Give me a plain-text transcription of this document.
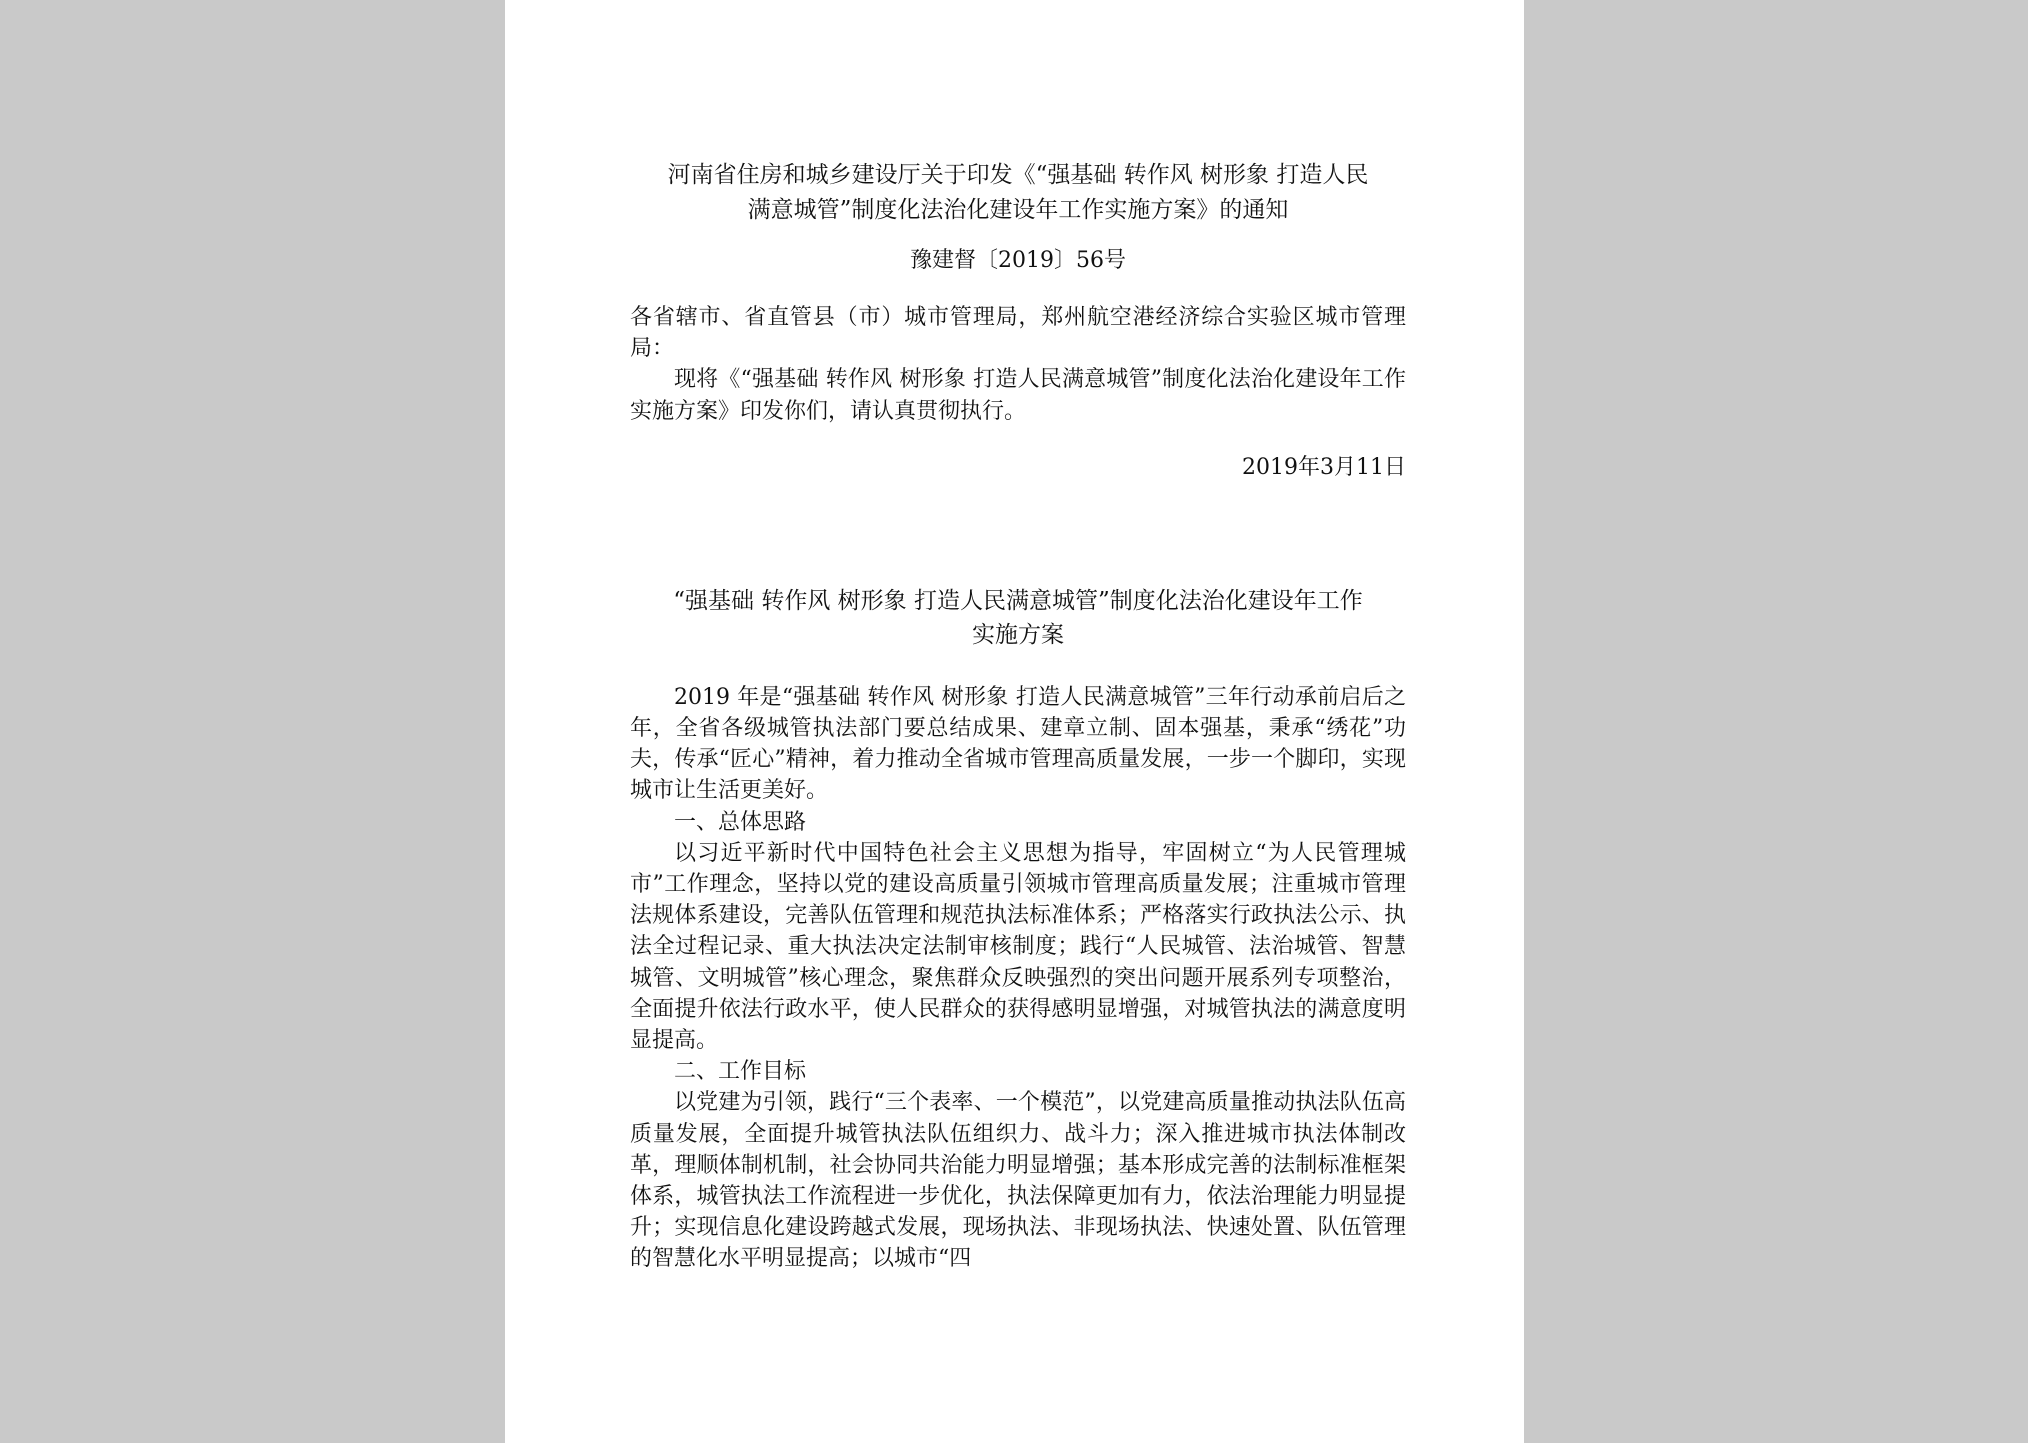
河南省住房和城乡建设厅关于印发《“强基础 转作风 树形象 打造人民
满意城管”制度化法治化建设年工作实施方案》的通知
豫建督〔2019〕56号

各省辖市、省直管县（市）城市管理局，郑州航空港经济综合实验区城市管理局：

现将《“强基础 转作风 树形象 打造人民满意城管”制度化法治化建设年工作实施方案》印发你们，请认真贯彻执行。

2019年3月11日
“强基础 转作风 树形象 打造人民满意城管”制度化法治化建设年工作
实施方案

2019 年是“强基础 转作风 树形象 打造人民满意城管”三年行动承前启后之年，全省各级城管执法部门要总结成果、建章立制、固本强基，秉承“绣花”功夫，传承“匠心”精神，着力推动全省城市管理高质量发展，一步一个脚印，实现城市让生活更美好。

一、总体思路

以习近平新时代中国特色社会主义思想为指导，牢固树立“为人民管理城市”工作理念，坚持以党的建设高质量引领城市管理高质量发展；注重城市管理法规体系建设，完善队伍管理和规范执法标准体系；严格落实行政执法公示、执法全过程记录、重大执法决定法制审核制度；践行“人民城管、法治城管、智慧城管、文明城管”核心理念，聚焦群众反映强烈的突出问题开展系列专项整治，全面提升依法行政水平，使人民群众的获得感明显增强，对城管执法的满意度明显提高。

二、工作目标

以党建为引领，践行“三个表率、一个模范”，以党建高质量推动执法队伍高质量发展，全面提升城管执法队伍组织力、战斗力；深入推进城市执法体制改革，理顺体制机制，社会协同共治能力明显增强；基本形成完善的法制标准框架体系，城管执法工作流程进一步优化，执法保障更加有力，依法治理能力明显提升；实现信息化建设跨越式发展，现场执法、非现场执法、快速处置、队伍管理的智慧化水平明显提高；以城市“四
